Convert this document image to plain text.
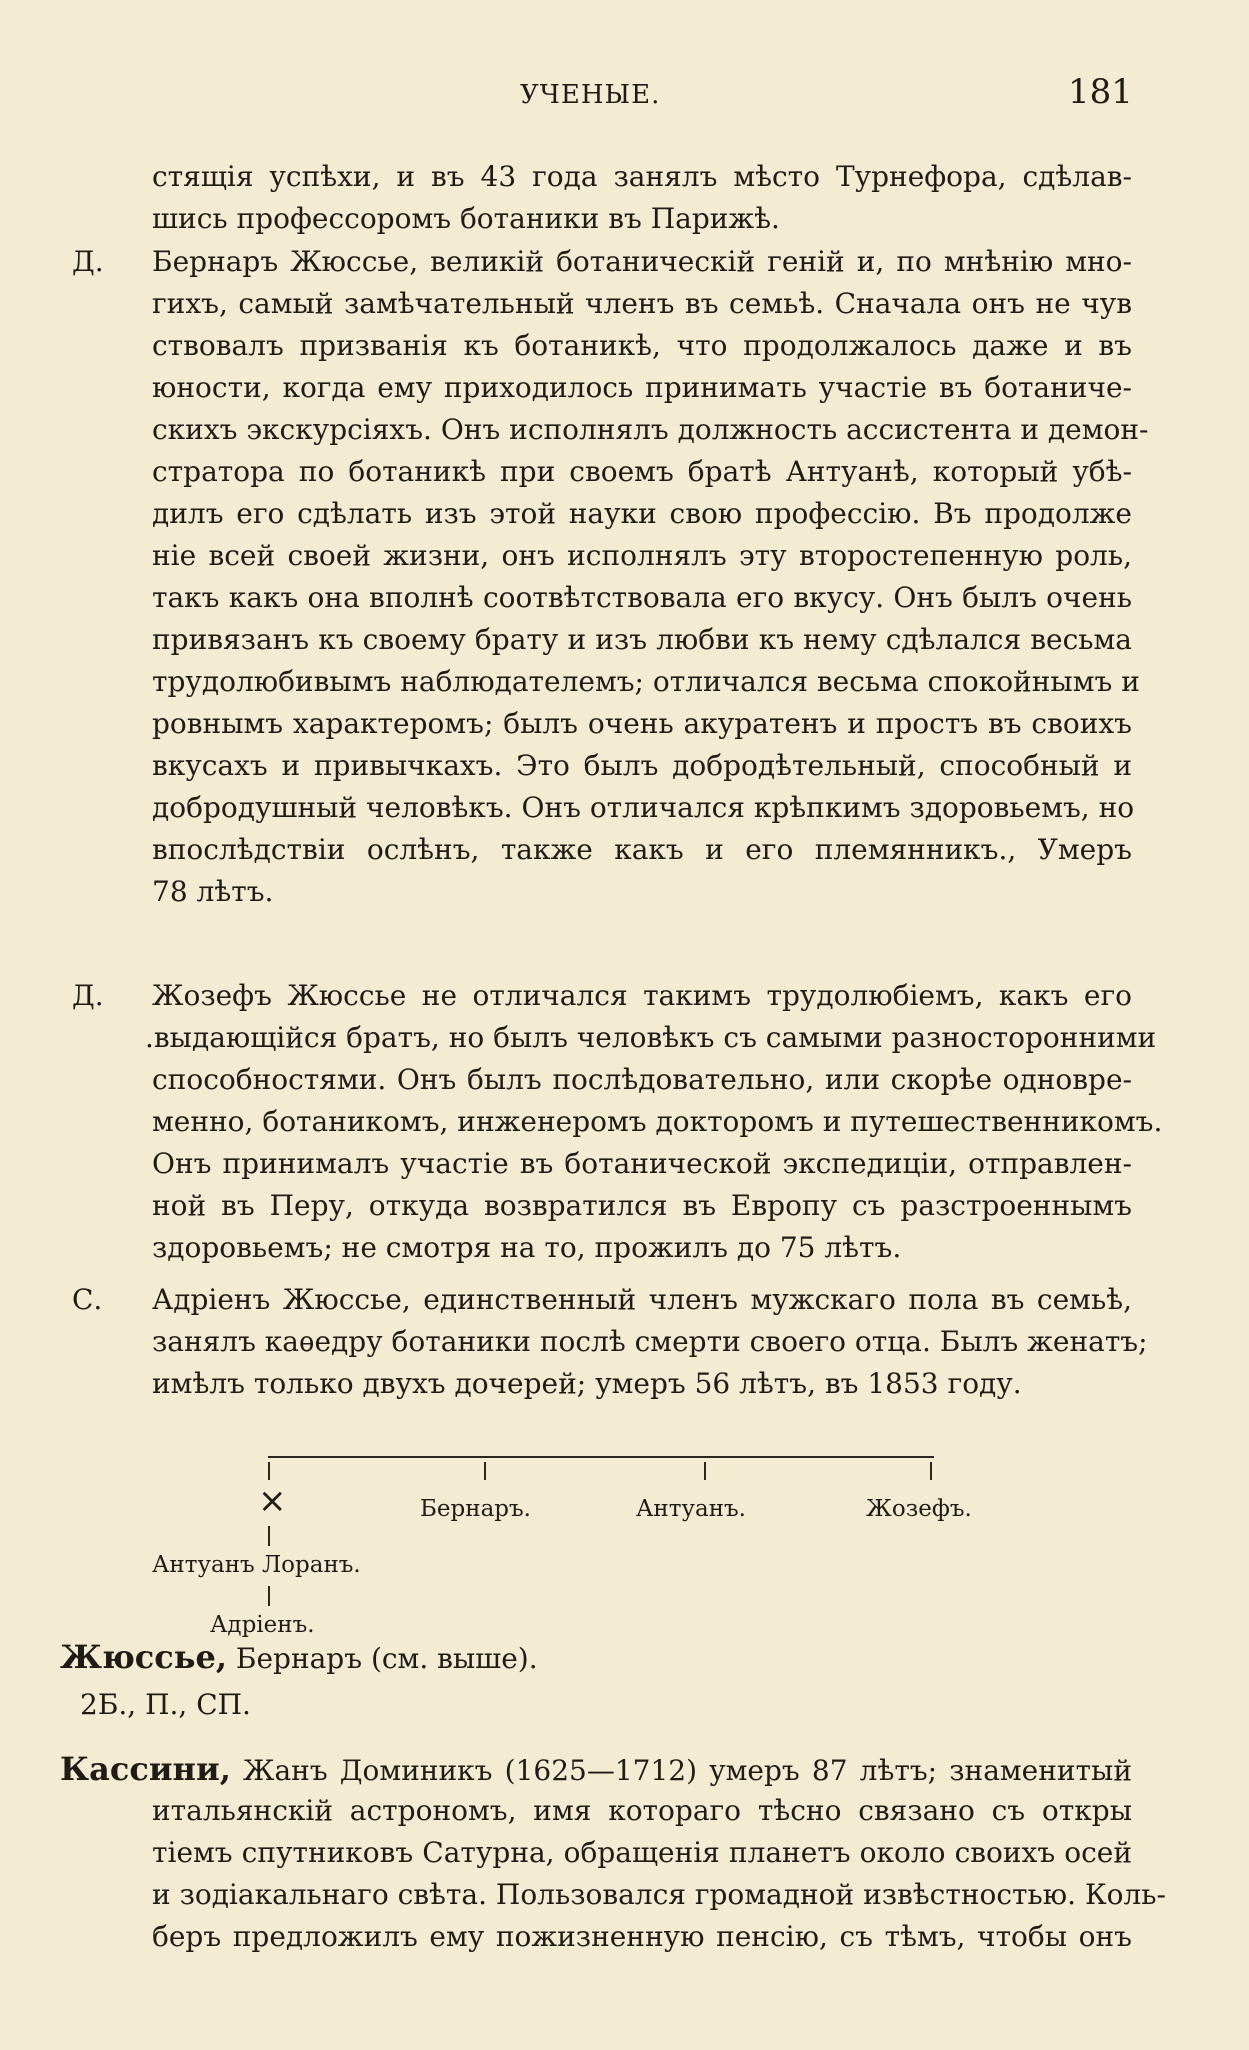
УЧЕНЫЕ.	181
стящія успѣхи, и въ 43 года занялъ мѣсто Турнефора, сдѣлав-
шись профессоромъ ботаники въ Парижѣ.
Д. Бернаръ Жюссье, великій ботаническій геній и, по мнѣнію мно-
гихъ, самый замѣчательный членъ въ семьѣ. Сначала онъ не чув
ствовалъ призванія къ ботаникѣ, что продолжалось даже и въ
юности, когда ему приходилось принимать участіе въ ботаниче-
скихъ экскурсіяхъ. Онъ исполнялъ должность ассистента и демон-
стратора по ботаникѣ при своемъ братѣ Антуанѣ, который убѣ-
дилъ его сдѣлать изъ этой науки свою профессію. Въ продолже
ніе всей своей жизни, онъ исполнялъ эту второстепенную роль,
такъ какъ она вполнѣ соотвѣтствовала его вкусу. Онъ былъ очень
привязанъ къ своему брату и изъ любви къ нему сдѣлался весьма
трудолюбивымъ наблюдателемъ; отличался весьма спокойнымъ и
ровнымъ характеромъ; былъ очень акуратенъ и простъ въ своихъ
вкусахъ и привычкахъ. Это былъ добродѣтельный, способный и
добродушный человѣкъ. Онъ отличался крѣпкимъ здоровьемъ, но
впослѣдствіи ослѣнъ, также какъ и его племянникъ., Умеръ
78 лѣтъ.
Д. Жозефъ Жюссье не отличался такимъ трудолюбіемъ, какъ его
.выдающійся братъ, но былъ человѣкъ съ самыми разносторонними
способностями. Онъ былъ послѣдовательно, или скорѣе одновре-
менно, ботаникомъ, инженеромъ докторомъ и путешественникомъ.
Онъ принималъ участіе въ ботанической экспедиціи, отправлен-
ной въ Перу, откуда возвратился въ Европу съ разстроеннымъ
здоровьемъ; не смотря на то, прожилъ до 75 лѣтъ.
С. Адріенъ Жюссье, единственный членъ мужскаго пола въ семьѣ,
занялъ каѳедру ботаники послѣ смерти своего отца. Былъ женатъ;
имѣлъ только двухъ дочерей; умеръ 56 лѣтъ, въ 1853 году.
×	Бернаръ.	Антуанъ.	Жозефъ.
Антуанъ Лоранъ.
Адріенъ.
Жюссье, Бернаръ (см. выше).
2Б., П., СП.
Кассини, Жанъ Доминикъ (1625—1712) умеръ 87 лѣтъ; знаменитый
итальянскій астрономъ, имя котораго тѣсно связано съ откры
тіемъ спутниковъ Сатурна, обращенія планетъ около своихъ осей
и зодіакальнаго свѣта. Пользовался громадной извѣстностью. Коль-
беръ предложилъ ему пожизненную пенсію, съ тѣмъ, чтобы онъ
